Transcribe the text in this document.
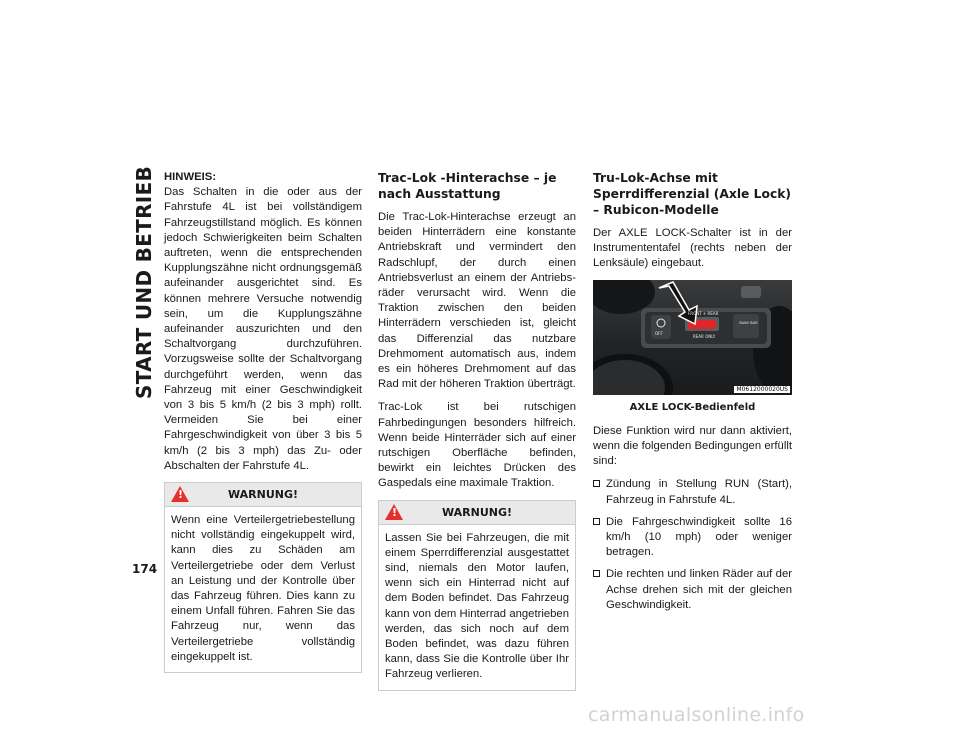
START UND BETRIEB
174

HINWEIS:

Das Schalten in die oder aus der Fahrstufe 4L ist bei vollständigem Fahrzeugstillstand möglich. Es können jedoch Schwierigkeiten beim Schalten auftreten, wenn die entsprechenden Kupplungszähne nicht ordnungsgemäß aufeinander ausgerichtet sind. Es können mehrere Versuche notwendig sein, um die Kupplungszähne aufeinander auszurichten und den Schaltvorgang durchzuführen. Vorzugsweise sollte der Schaltvorgang durchgeführt werden, wenn das Fahrzeug mit einer Geschwindigkeit von 3 bis 5 km/h (2 bis 3 mph) rollt. Vermeiden Sie bei einer Fahrgeschwindigkeit von über 3 bis 5 km/h (2 bis 3 mph) das Zu- oder Abschalten der Fahrstufe 4L.

!
WARNUNG!

Wenn eine Verteilergetriebestellung nicht vollständig eingekuppelt wird, kann dies zu Schäden am Verteilergetriebe oder dem Verlust an Leistung und der Kontrolle über das Fahrzeug führen. Dies kann zu einem Unfall führen. Fahren Sie das Fahrzeug nur, wenn das Verteilergetriebe vollständig eingekuppelt ist.

Trac-Lok -Hinterachse – je nach Ausstattung

Die Trac-Lok-Hinterachse erzeugt an beiden Hinterrädern eine konstante Antriebskraft und vermindert den Radschlupf, der durch einen Antriebsverlust an einem der Antriebsräder verursacht wird. Wenn die Traktion zwischen den beiden Hinterrädern verschieden ist, gleicht das Differenzial das nutzbare Drehmoment automatisch aus, indem es ein höheres Drehmoment auf das Rad mit der höheren Traktion überträgt.

Trac-Lok ist bei rutschigen Fahrbedingungen besonders hilfreich. Wenn beide Hinterräder sich auf einer rutschigen Oberfläche befinden, bewirkt ein leichtes Drücken des Gaspedals eine maximale Traktion.

!
WARNUNG!

Lassen Sie bei Fahrzeugen, die mit einem Sperrdifferenzial ausgestattet sind, niemals den Motor laufen, wenn sich ein Hinterrad nicht auf dem Boden befindet. Das Fahrzeug kann von dem Hinterrad angetrieben werden, das sich noch auf dem Boden befindet, was dazu führen kann, dass Sie die Kontrolle über Ihr Fahrzeug verlieren.

Tru-Lok-Achse mit Sperrdifferenzial (Axle Lock) – Rubicon-Modelle

Der AXLE LOCK-Schalter ist in der Instrumententafel (rechts neben der Lenksäule) eingebaut.

FRONT + REAR
REAR ONLY
SWAY BAR
OFF
M0612000020US

AXLE LOCK-Bedienfeld

Diese Funktion wird nur dann aktiviert, wenn die folgenden Bedingungen erfüllt sind:

Zündung in Stellung RUN (Start), Fahrzeug in Fahrstufe 4L.
Die Fahrgeschwindigkeit sollte 16 km/h (10 mph) oder weniger betragen.
Die rechten und linken Räder auf der Achse drehen sich mit der gleichen Geschwindigkeit.
carmanualsonline.info
